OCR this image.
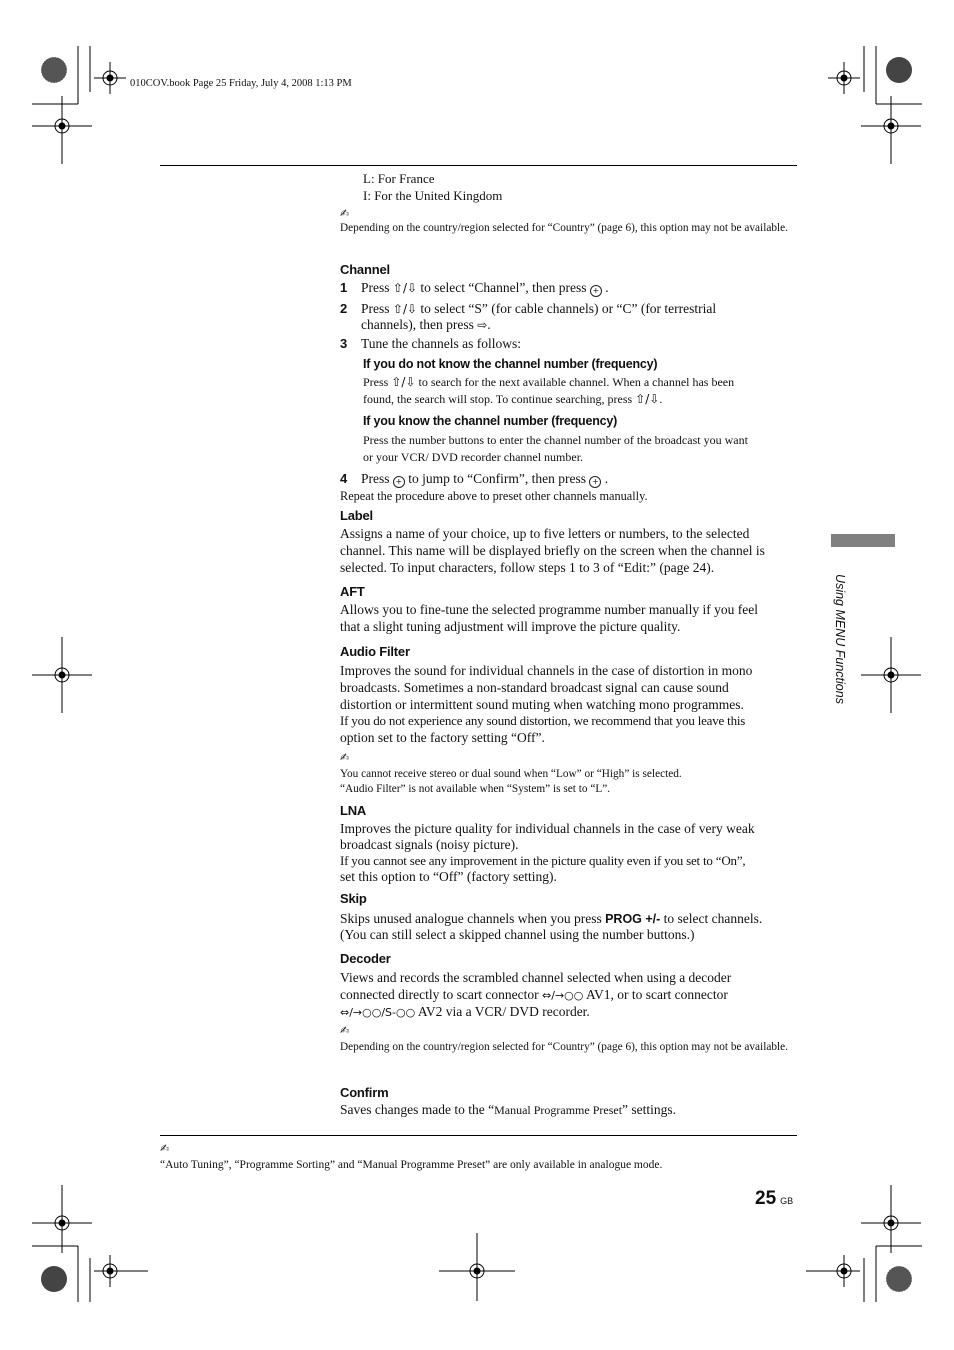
010COV.book Page 25 Friday, July 4, 2008 1:13 PM
L: For France
I: For the United Kingdom
✍
Depending on the country/region selected for “Country” (page 6), this option may not be available.
Channel
1 Press ⇧/⇩ to select “Channel”, then press + .
2 Press ⇧/⇩ to select “S” (for cable channels) or “C” (for terrestrial
channels), then press ⇨.
3 Tune the channels as follows:
If you do not know the channel number (frequency)
Press ⇧/⇩ to search for the next available channel. When a channel has been
found, the search will stop. To continue searching, press ⇧/⇩.
If you know the channel number (frequency)
Press the number buttons to enter the channel number of the broadcast you want
or your VCR/ DVD recorder channel number.
4 Press + to jump to “Confirm”, then press + .
Repeat the procedure above to preset other channels manually.
Label
Assigns a name of your choice, up to five letters or numbers, to the selected
channel. This name will be displayed briefly on the screen when the channel is
selected. To input characters, follow steps 1 to 3 of “Edit:” (page 24).
AFT
Allows you to fine-tune the selected programme number manually if you feel
that a slight tuning adjustment will improve the picture quality.
Audio Filter
Improves the sound for individual channels in the case of distortion in mono
broadcasts. Sometimes a non-standard broadcast signal can cause sound
distortion or intermittent sound muting when watching mono programmes.
If you do not experience any sound distortion, we recommend that you leave this
option set to the factory setting “Off”.
✍
You cannot receive stereo or dual sound when “Low” or “High” is selected.
“Audio Filter” is not available when “System” is set to “L”.
LNA
Improves the picture quality for individual channels in the case of very weak
broadcast signals (noisy picture).
If you cannot see any improvement in the picture quality even if you set to “On”,
set this option to “Off” (factory setting).
Skip
Skips unused analogue channels when you press PROG +/- to select channels.
(You can still select a skipped channel using the number buttons.)
Decoder
Views and records the scrambled channel selected when using a decoder
connected directly to scart connector ⇔/→○○ AV1, or to scart connector
⇔/→○○/S-○○ AV2 via a VCR/ DVD recorder.
✍
Depending on the country/region selected for “Country” (page 6), this option may not be available.
Confirm
Saves changes made to the “Manual Programme Preset” settings.
✍
“Auto Tuning”, “Programme Sorting” and “Manual Programme Preset” are only available in analogue mode.
25 GB
Using MENU Functions
